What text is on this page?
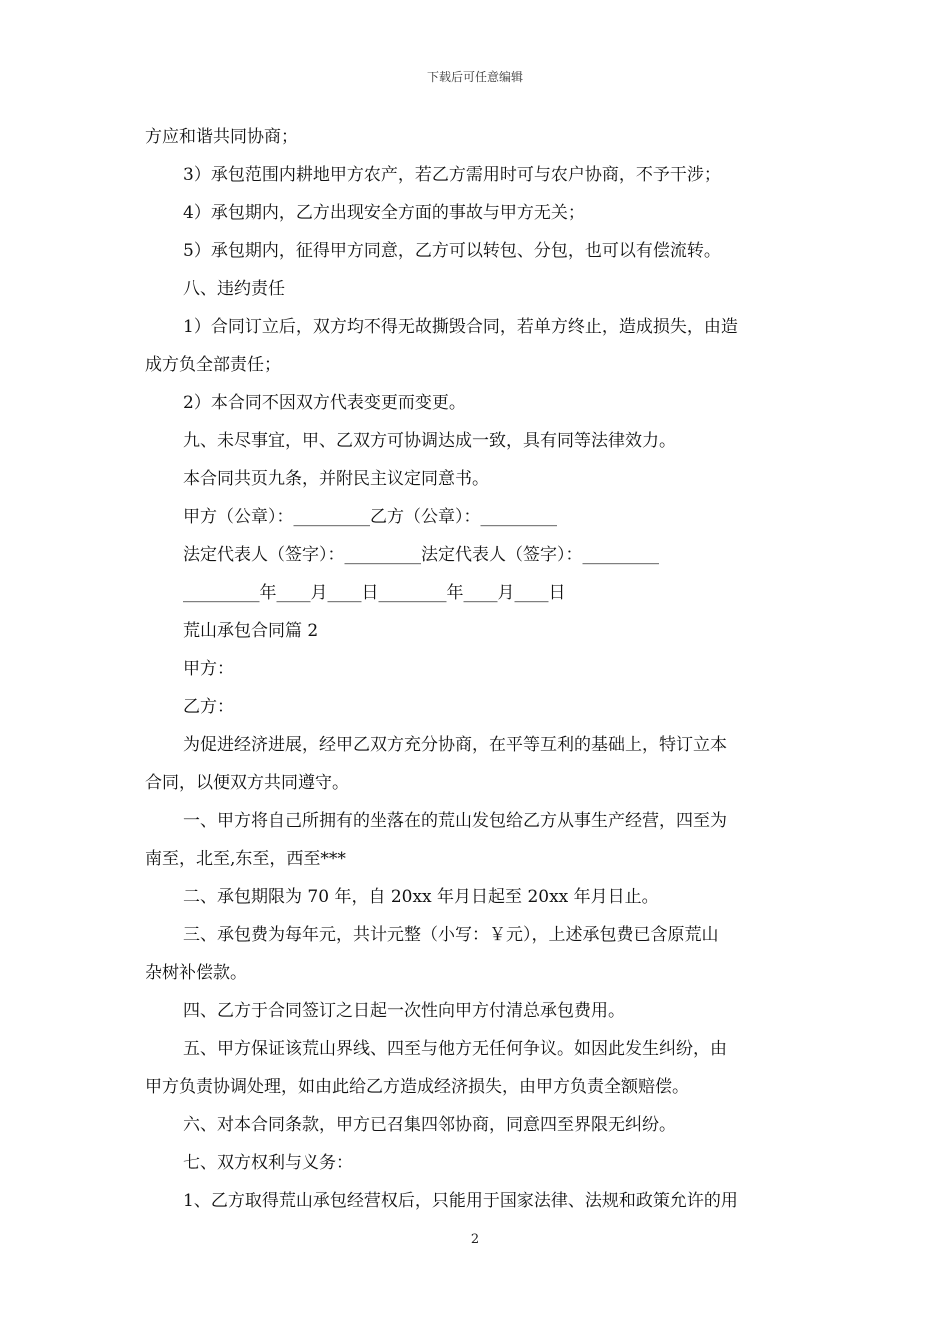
下载后可任意编辑
方应和谐共同协商；
3）承包范围内耕地甲方农产，若乙方需用时可与农户协商，不予干涉；
4）承包期内，乙方出现安全方面的事故与甲方无关；
5）承包期内，征得甲方同意，乙方可以转包、分包，也可以有偿流转。
八、违约责任
1）合同订立后，双方均不得无故撕毁合同，若单方终止，造成损失，由造
成方负全部责任；
2）本合同不因双方代表变更而变更。
九、未尽事宜，甲、乙双方可协调达成一致，具有同等法律效力。
本合同共页九条，并附民主议定同意书。
甲方（公章）：_________乙方（公章）：_________
法定代表人（签字）：_________法定代表人（签字）：_________
_________年____月____日________年____月____日
荒山承包合同篇 2
甲方：
乙方：
为促进经济进展，经甲乙双方充分协商，在平等互利的基础上，特订立本
合同，以便双方共同遵守。
一、甲方将自己所拥有的坐落在的荒山发包给乙方从事生产经营，四至为
南至，北至,东至，西至***
二、承包期限为 70 年，自 20xx 年月日起至 20xx 年月日止。
三、承包费为每年元，共计元整（小写：￥元），上述承包费已含原荒山
杂树补偿款。
四、乙方于合同签订之日起一次性向甲方付清总承包费用。
五、甲方保证该荒山界线、四至与他方无任何争议。如因此发生纠纷，由
甲方负责协调处理，如由此给乙方造成经济损失，由甲方负责全额赔偿。
六、对本合同条款，甲方已召集四邻协商，同意四至界限无纠纷。
七、双方权利与义务：
1、乙方取得荒山承包经营权后，只能用于国家法律、法规和政策允许的用
2
